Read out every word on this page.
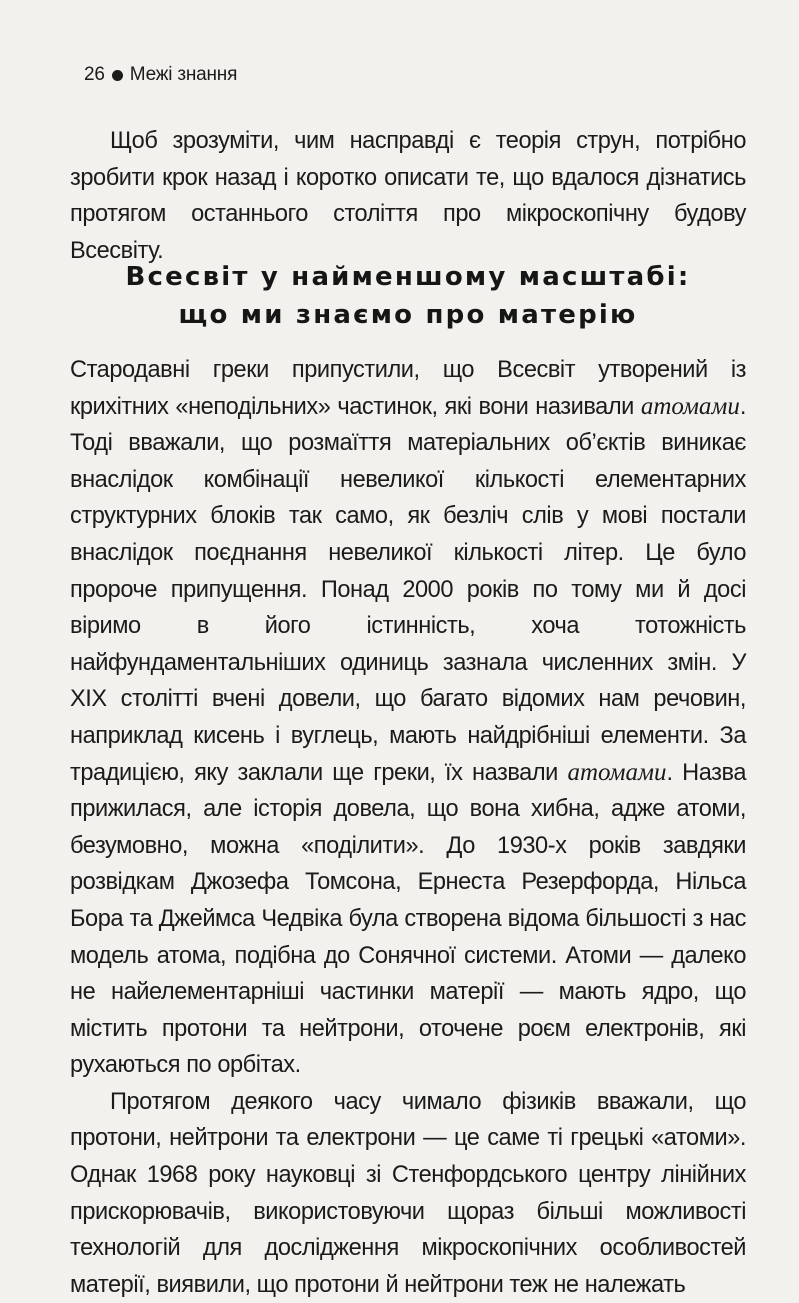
26 Межі знання

Щоб зрозуміти, чим насправді є теорія струн, потрібно зробити крок назад і коротко описати те, що вдалося дізнатись протягом останнього століття про мікроскопічну будову Всесвіту.

Всесвіт у найменшому масштабі:
що ми знаємо про матерію

Стародавні греки припустили, що Всесвіт утворений із крихітних «неподільних» частинок, які вони називали атомами. Тоді вважали, що розмаїття матеріальних об’єктів виникає внаслідок комбінації невеликої кількості елементарних структурних блоків так само, як безліч слів у мові постали внаслідок поєднання невеликої кількості літер. Це було пророче припущення. Понад 2000 років по тому ми й досі віримо в його істинність, хоча тотожність найфундаментальніших одиниць зазнала численних змін. У XIX столітті вчені довели, що багато відомих нам речовин, наприклад кисень і вуглець, мають найдрібніші елементи. За традицією, яку заклали ще греки, їх назвали атомами. Назва прижилася, але історія довела, що вона хибна, адже атоми, безумовно, можна «поділити». До 1930-х років завдяки розвідкам Джозефа Томсона, Ернеста Резерфорда, Нільса Бора та Джеймса Чедвіка була створена відома більшості з нас модель атома, подібна до Сонячної системи. Атоми — далеко не найелементарніші частинки матерії — мають ядро, що містить протони та нейтрони, оточене роєм електронів, які рухаються по орбітах.

Протягом деякого часу чимало фізиків вважали, що протони, нейтрони та електрони — це саме ті грецькі «атоми». Однак 1968 року науковці зі Стенфордського центру лінійних прискорювачів, використовуючи щораз більші можливості технологій для дослідження мікроскопічних особливостей матерії, виявили, що протони й нейтрони теж не належать
